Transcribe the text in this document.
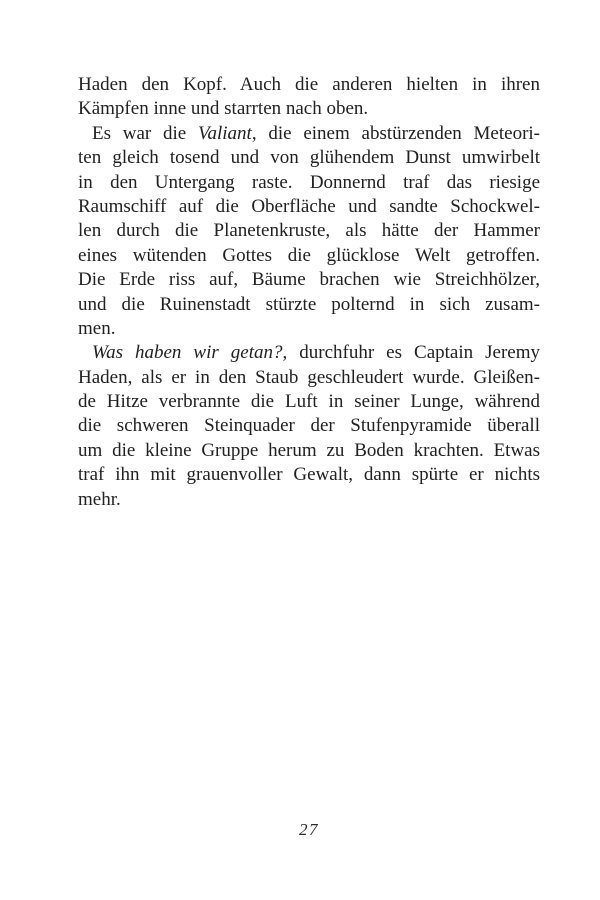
Haden den Kopf. Auch die anderen hielten in ihren
Kämpfen inne und starrten nach oben.
Es war die Valiant, die einem abstürzenden Meteori-
ten gleich tosend und von glühendem Dunst umwirbelt
in den Untergang raste. Donnernd traf das riesige
Raumschiff auf die Oberfläche und sandte Schockwel-
len durch die Planetenkruste, als hätte der Hammer
eines wütenden Gottes die glücklose Welt getroffen.
Die Erde riss auf, Bäume brachen wie Streichhölzer,
und die Ruinenstadt stürzte polternd in sich zusam-
men.
Was haben wir getan?, durchfuhr es Captain Jeremy
Haden, als er in den Staub geschleudert wurde. Gleißen-
de Hitze verbrannte die Luft in seiner Lunge, während
die schweren Steinquader der Stufenpyramide überall
um die kleine Gruppe herum zu Boden krachten. Etwas
traf ihn mit grauenvoller Gewalt, dann spürte er nichts
mehr.
27
